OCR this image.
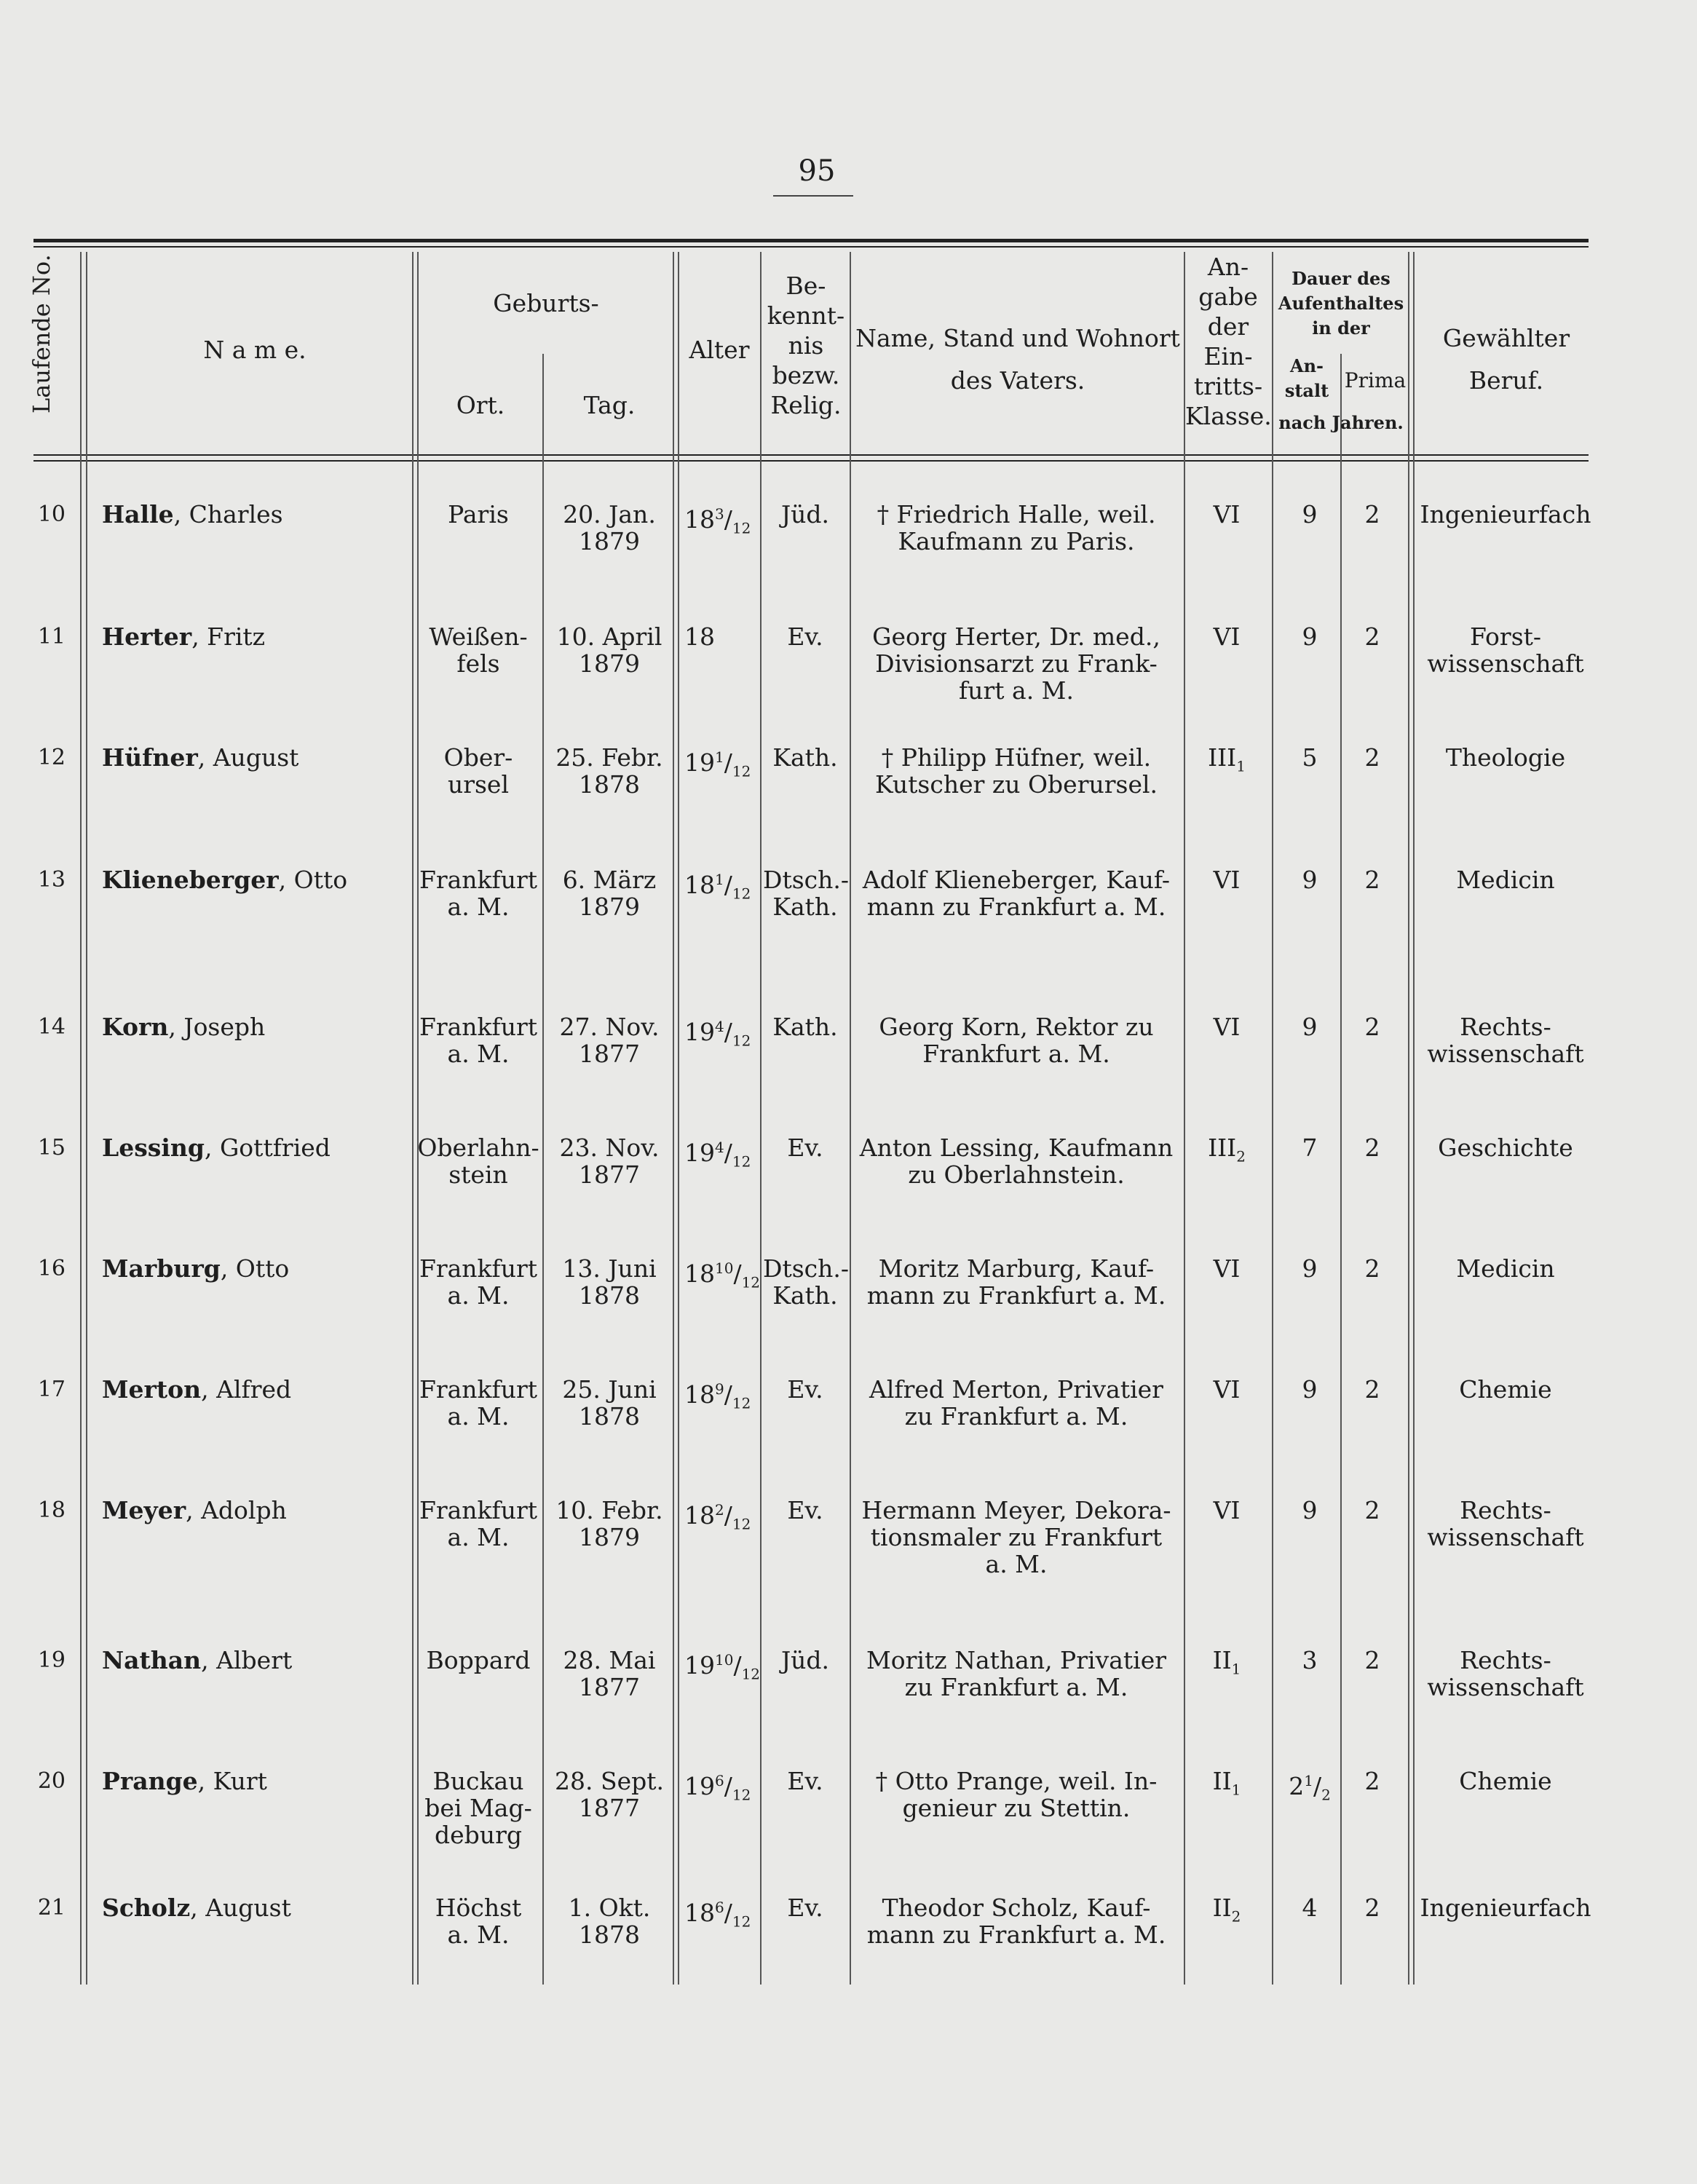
95
Laufende No.	N a m e.
Geburts-
Ort.	Tag.
Alter
Be-
kennt-
nis
bezw.
Relig.
Name, Stand und Wohnort
des Vaters.
An-
gabe
der
Ein-
tritts-
Klasse.
Dauer des
Aufenthaltes
in der
An-
stalt Prima
nach Jahren.
Gewählter
Beruf.
10 Halle, Charles	Paris	20. Jan.
1879
$18^3/_{12}$	Jüd.	† Friedrich Halle, weil.
Kaufmann zu Paris.
VI	9	2	Ingenieurfach
11 Herter, Fritz	Weißen-
fels
10. April
1879
18	Ev.	Georg Herter, Dr. med.,
Divisionsarzt zu Frank-
furt a. M.
VI	9	2	Forst-
wissenschaft
12 Hüfner, August	Ober-
ursel
25. Febr.
1878
$19^1/_{12}$ Kath.	† Philipp Hüfner, weil.
Kutscher zu Oberursel.
$III_1$	5	2	Theologie
13 Klieneberger, Otto	Frankfurt
a. M.
6. März
1879
$18^1/_{12}$ Dtsch.-
Kath.
Adolf Klieneberger, Kauf-
mann zu Frankfurt a. M.
VI	9	2	Medicin
14 Korn, Joseph	Frankfurt
a. M.
27. Nov.
1877
$19^4/_{12}$ Kath.	Georg Korn, Rektor zu
Frankfurt a. M.
VI	9	2	Rechts-
wissenschaft
15 Lessing, Gottfried	Oberlahn-
stein
23. Nov.
1877
$19^4/_{12}$	Ev.	Anton Lessing, Kaufmann
zu Oberlahnstein.
$III_2$	7	2	Geschichte
16 Marburg, Otto	Frankfurt
a. M.
13. Juni
1878
$18^{10}/_{12}$ Dtsch.-
Kath.
Moritz Marburg, Kauf-
mann zu Frankfurt a. M.
VI	9	2	Medicin
17 Merton, Alfred	Frankfurt
a. M.
25. Juni
1878
$18^9/_{12}$	Ev.	Alfred Merton, Privatier
zu Frankfurt a. M.
VI	9	2	Chemie
18 Meyer, Adolph	Frankfurt
a. M.
10. Febr.
1879
$18^2/_{12}$	Ev.	Hermann Meyer, Dekora-
tionsmaler zu Frankfurt
a. M.
VI	9	2	Rechts-
wissenschaft
19 Nathan, Albert	Boppard	28. Mai
1877
$19^{10}/_{12}$ Jüd.	Moritz Nathan, Privatier
zu Frankfurt a. M.
$II_1$	3	2	Rechts-
wissenschaft
20 Prange, Kurt	Buckau
bei Mag-
deburg
28. Sept.
1877
$19^6/_{12}$	Ev.	† Otto Prange, weil. In-
genieur zu Stettin.
$II_1$	$2^1/_2$	2	Chemie
21 Scholz, August	Höchst
a. M.
1. Okt.
1878
$18^6/_{12}$	Ev.	Theodor Scholz, Kauf-
mann zu Frankfurt a. M.
$II_2$	4	2	Ingenieurfach
